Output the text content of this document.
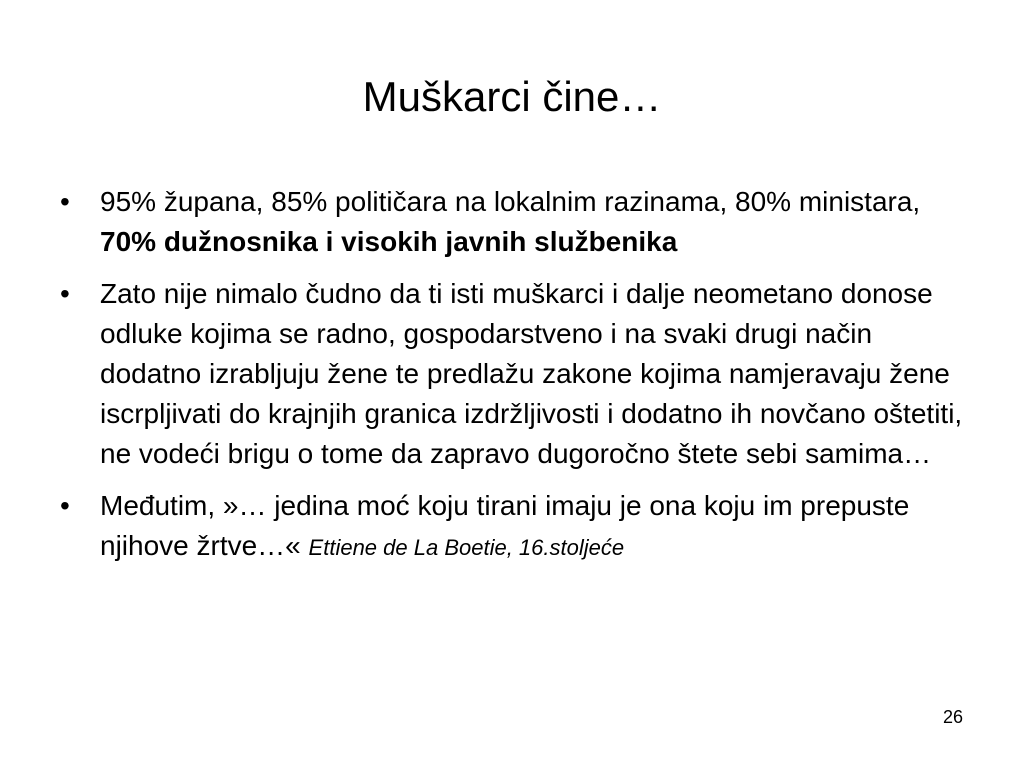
Muškarci čine…
•	95% župana, 85% političara na lokalnim razinama, 80% ministara, 70% dužnosnika i visokih javnih službenika
•	Zato nije nimalo čudno da ti isti muškarci i dalje neometano donose odluke kojima se radno, gospodarstveno i na svaki drugi način dodatno izrabljuju žene te predlažu zakone kojima namjeravaju žene iscrpljivati do krajnjih granica izdržljivosti i dodatno ih novčano oštetiti, ne vodeći brigu o tome da zapravo dugoročno štete sebi samima…
•	Međutim, »… jedina moć koju tirani imaju je ona koju im prepuste njihove žrtve…« Ettiene de La Boetie, 16.stoljeće
26
